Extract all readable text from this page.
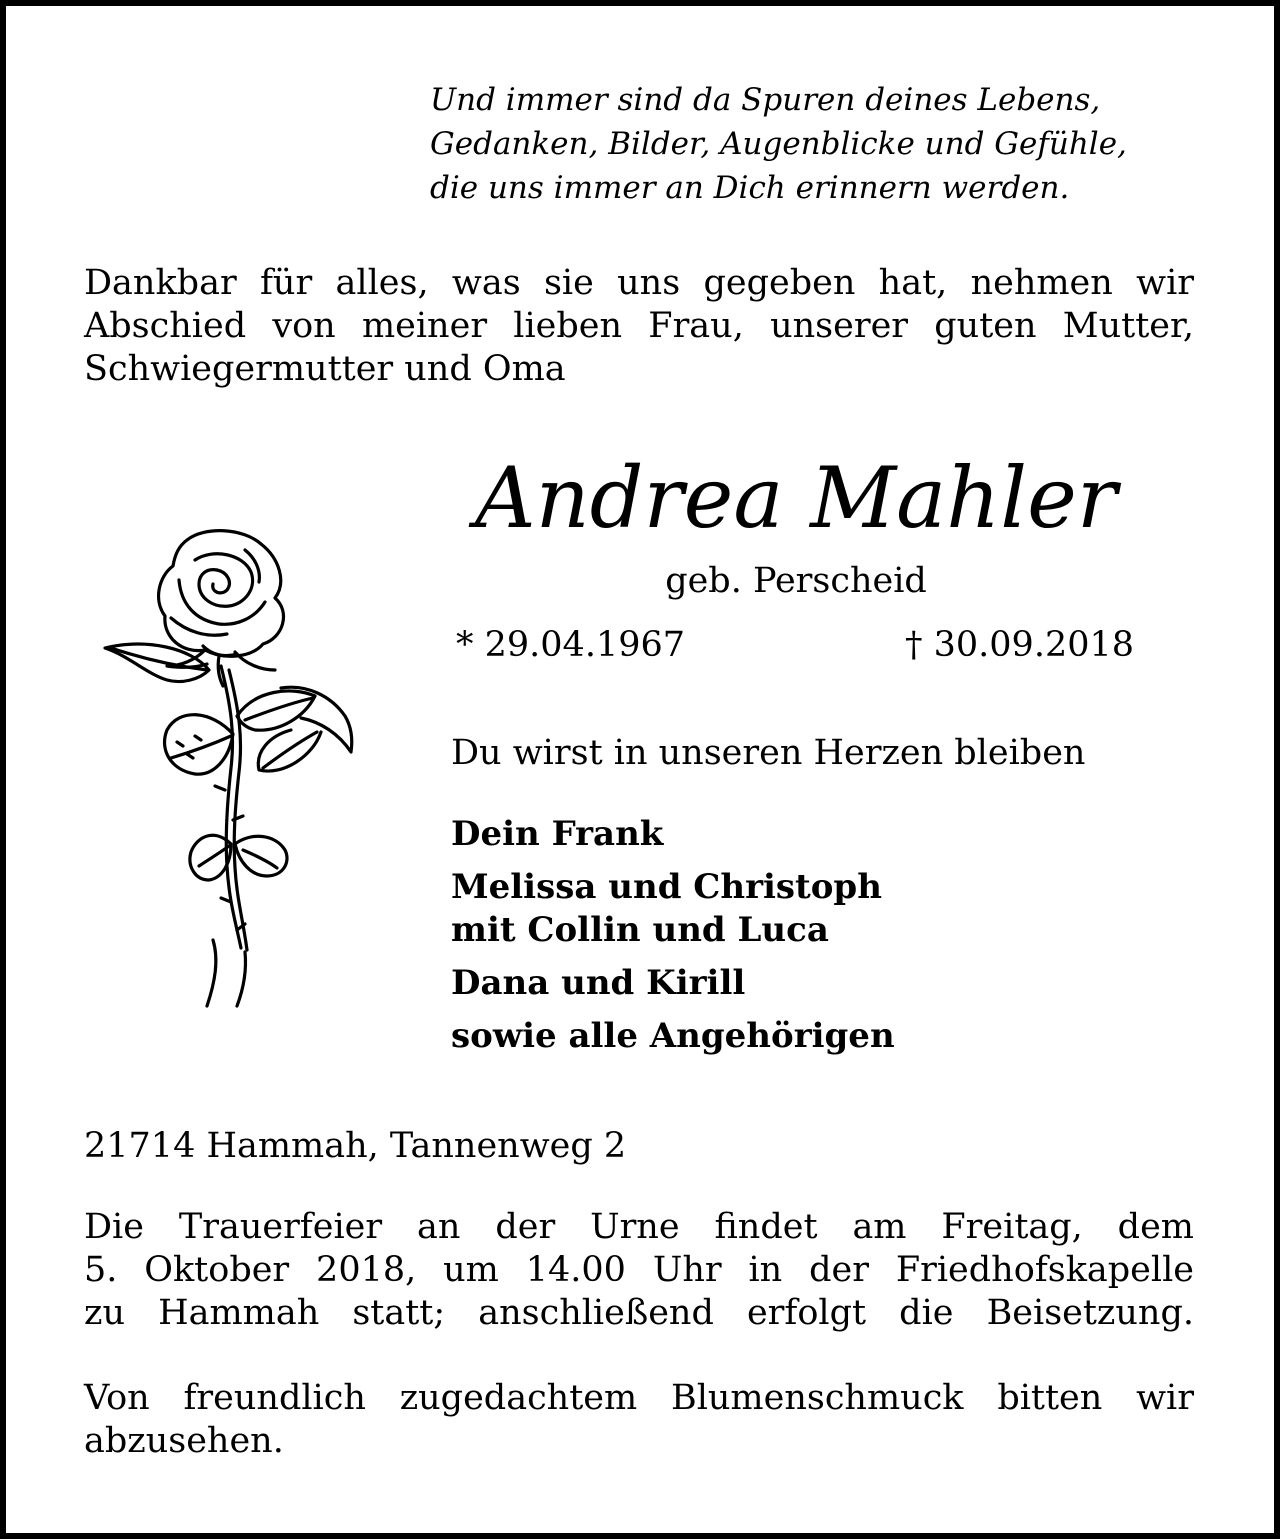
Und immer sind da Spuren deines Lebens,
Gedanken, Bilder, Augenblicke und Gefühle,
die uns immer an Dich erinnern werden.
Dankbar für alles, was sie uns gegeben hat, nehmen wir
Abschied von meiner lieben Frau, unserer guten Mutter,
Schwiegermutter und Oma
Andrea Mahler
geb. Perscheid
* 29.04.1967	† 30.09.2018
Du wirst in unseren Herzen bleiben
Dein Frank
Melissa und Christoph
mit Collin und Luca
Dana und Kirill
sowie alle Angehörigen
21714 Hammah, Tannenweg 2
Die Trauerfeier an der Urne findet am Freitag, dem
5. Oktober 2018, um 14.00 Uhr in der Friedhofskapelle
zu Hammah statt; anschließend erfolgt die Beisetzung.
Von freundlich zugedachtem Blumenschmuck bitten wir
abzusehen.
